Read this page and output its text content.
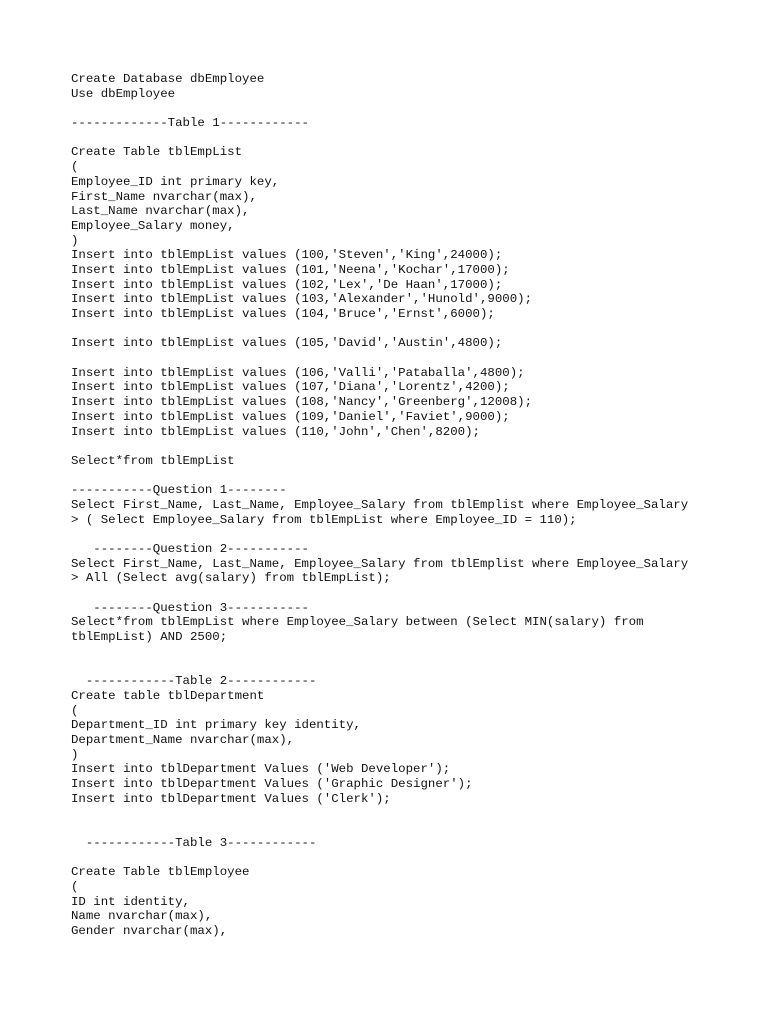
Create Database dbEmployee
Use dbEmployee
-------------Table 1------------
Create Table tblEmpList
(
Employee_ID int primary key,
First_Name nvarchar(max),
Last_Name nvarchar(max),
Employee_Salary money,
)
Insert into tblEmpList values (100,'Steven','King',24000);
Insert into tblEmpList values (101,'Neena','Kochar',17000);
Insert into tblEmpList values (102,'Lex','De Haan',17000);
Insert into tblEmpList values (103,'Alexander','Hunold',9000);
Insert into tblEmpList values (104,'Bruce','Ernst',6000);
Insert into tblEmpList values (105,'David','Austin',4800);
Insert into tblEmpList values (106,'Valli','Pataballa',4800);
Insert into tblEmpList values (107,'Diana','Lorentz',4200);
Insert into tblEmpList values (108,'Nancy','Greenberg',12008);
Insert into tblEmpList values (109,'Daniel','Faviet',9000);
Insert into tblEmpList values (110,'John','Chen',8200);
Select*from tblEmpList
-----------Question 1--------
Select First_Name, Last_Name, Employee_Salary from tblEmplist where Employee_Salary
> ( Select Employee_Salary from tblEmpList where Employee_ID = 110);
--------Question 2-----------
Select First_Name, Last_Name, Employee_Salary from tblEmplist where Employee_Salary
> All (Select avg(salary) from tblEmpList);
--------Question 3-----------
Select*from tblEmpList where Employee_Salary between (Select MIN(salary) from
tblEmpList) AND 2500;
------------Table 2------------
Create table tblDepartment
(
Department_ID int primary key identity,
Department_Name nvarchar(max),
)
Insert into tblDepartment Values ('Web Developer');
Insert into tblDepartment Values ('Graphic Designer');
Insert into tblDepartment Values ('Clerk');
------------Table 3------------
Create Table tblEmployee
(
ID int identity,
Name nvarchar(max),
Gender nvarchar(max),
